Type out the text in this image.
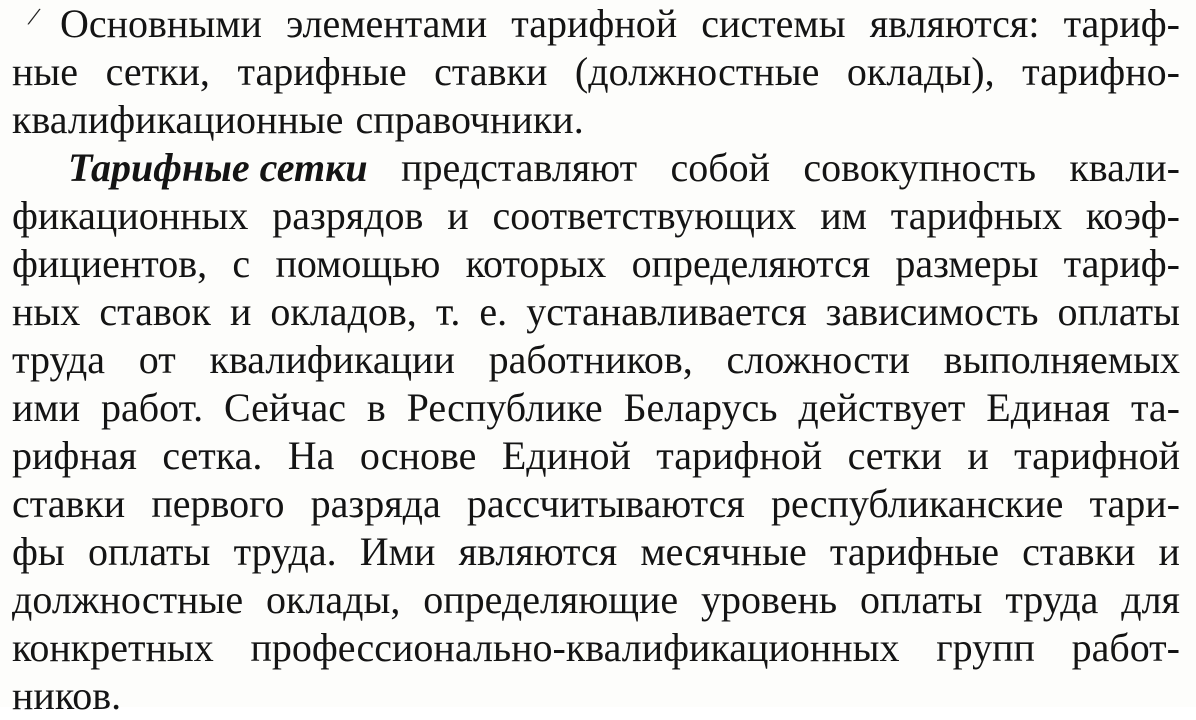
/ Основными элементами тарифной системы являются: тариф-
ные сетки, тарифные ставки (должностные оклады), тарифно-
квалификационные справочники.
Тарифные сетки представляют собой совокупность квали-
фикационных разрядов и соответствующих им тарифных коэф-
фициентов, с помощью которых определяются размеры тариф-
ных ставок и окладов, т. е. устанавливается зависимость оплаты
труда от квалификации работников, сложности выполняемых
ими работ. Сейчас в Республике Беларусь действует Единая та-
рифная сетка. На основе Единой тарифной сетки и тарифной
ставки первого разряда рассчитываются республиканские тари-
фы оплаты труда. Ими являются месячные тарифные ставки и
должностные оклады, определяющие уровень оплаты труда для
конкретных профессионально-квалификационных групп работ-
ников.
